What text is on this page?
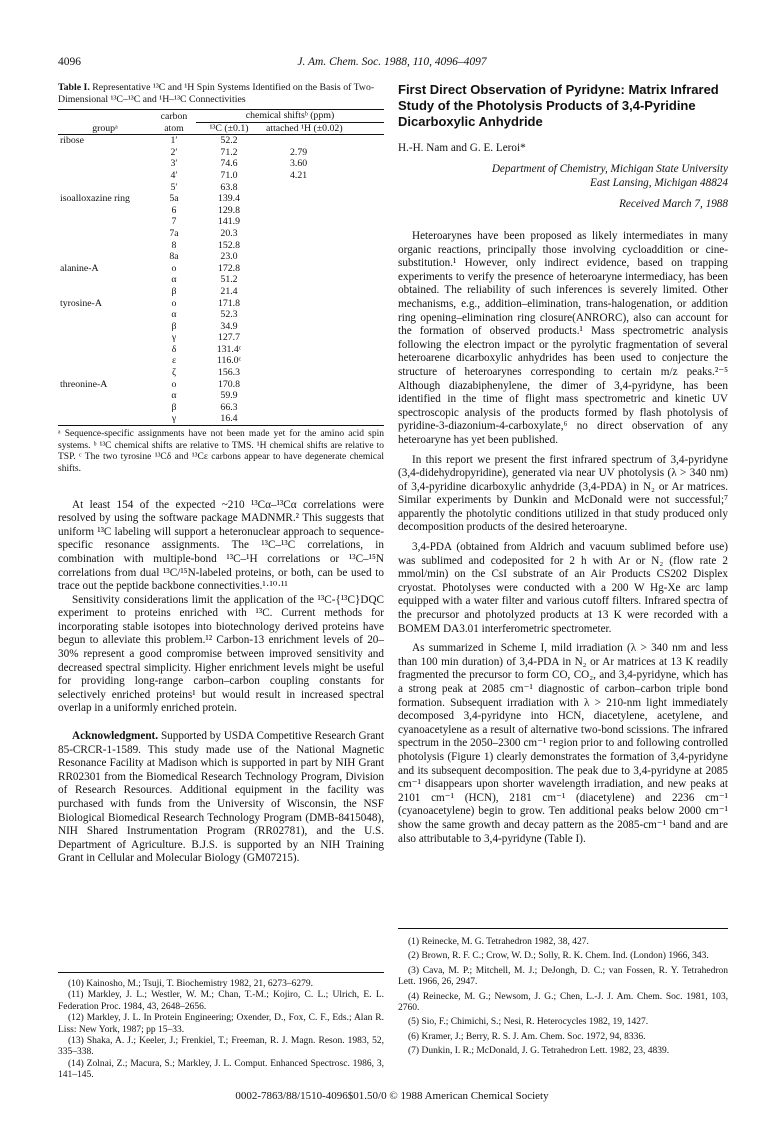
4096	J. Am. Chem. Soc. 1988, 110, 4096–4097

Table I. Representative ¹³C and ¹H Spin Systems Identified on the Basis of Two-Dimensional ¹³C–¹³C and ¹H–¹³C Connectivities

	carbon	chemical shiftsᵇ (ppm)	
groupᵃ	atom	¹³C (±0.1)	attached ¹H (±0.02)
ribose	1′	52.2	
	2′	71.2	2.79
	3′	74.6	3.60
	4′	71.0	4.21
	5′	63.8	
isoalloxazine ring	5a	139.4	
	6	129.8	
	7	141.9	
	7a	20.3	
	8	152.8	
	8a	23.0	
alanine-A	o	172.8	
	α	51.2	
	β	21.4	
tyrosine-A	o	171.8	
	α	52.3	
	β	34.9	
	γ	127.7	
	δ	131.4ᶜ	
	ε	116.0ᶜ	
	ζ	156.3	
threonine-A	o	170.8	
	α	59.9	
	β	66.3	
	γ	16.4	

ᵃ Sequence-specific assignments have not been made yet for the amino acid spin systems. ᵇ ¹³C chemical shifts are relative to TMS. ¹H chemical shifts are relative to TSP. ᶜ The two tyrosine ¹³Cδ and ¹³Cε carbons appear to have degenerate chemical shifts.

At least 154 of the expected ~210 ¹³Cα–¹³Cα correlations were resolved by using the software package MADNMR.² This suggests that uniform ¹³C labeling will support a heteronuclear approach to sequence-specific resonance assignments. The ¹³C–¹³C correlations, in combination with multiple-bond ¹³C–¹H correlations or ¹³C–¹⁵N correlations from dual ¹³C/¹⁵N-labeled proteins, or both, can be used to trace out the peptide backbone connectivities.¹·¹⁰·¹¹

Sensitivity considerations limit the application of the ¹³C-{¹³C}DQC experiment to proteins enriched with ¹³C. Current methods for incorporating stable isotopes into biotechnology derived proteins have begun to alleviate this problem.¹² Carbon-13 enrichment levels of 20–30% represent a good compromise between improved sensitivity and decreased spectral simplicity. Higher enrichment levels might be useful for providing long-range carbon–carbon coupling constants for selectively enriched proteins¹ but would result in increased spectral overlap in a uniformly enriched protein.

Acknowledgment. Supported by USDA Competitive Research Grant 85-CRCR-1-1589. This study made use of the National Magnetic Resonance Facility at Madison which is supported in part by NIH Grant RR02301 from the Biomedical Research Technology Program, Division of Research Resources. Additional equipment in the facility was purchased with funds from the University of Wisconsin, the NSF Biological Biomedical Research Technology Program (DMB-8415048), NIH Shared Instrumentation Program (RR02781), and the U.S. Department of Agriculture. B.J.S. is supported by an NIH Training Grant in Cellular and Molecular Biology (GM07215).

(10) Kainosho, M.; Tsuji, T. Biochemistry 1982, 21, 6273–6279.

(11) Markley, J. L.; Westler, W. M.; Chan, T.-M.; Kojiro, C. L.; Ulrich, E. L. Federation Proc. 1984, 43, 2648–2656.

(12) Markley, J. L. In Protein Engineering; Oxender, D., Fox, C. F., Eds.; Alan R. Liss: New York, 1987; pp 15–33.

(13) Shaka, A. J.; Keeler, J.; Frenkiel, T.; Freeman, R. J. Magn. Reson. 1983, 52, 335–338.

(14) Zolnai, Z.; Macura, S.; Markley, J. L. Comput. Enhanced Spectrosc. 1986, 3, 141–145.

First Direct Observation of Pyridyne: Matrix Infrared Study of the Photolysis Products of 3,4-Pyridine Dicarboxylic Anhydride

H.-H. Nam and G. E. Leroi*
Department of Chemistry, Michigan State University
East Lansing, Michigan 48824
Received March 7, 1988

Heteroarynes have been proposed as likely intermediates in many organic reactions, principally those involving cycloaddition or cine-substitution.¹ However, only indirect evidence, based on trapping experiments to verify the presence of heteroaryne intermediacy, has been obtained. The reliability of such inferences is severely limited. Other mechanisms, e.g., addition–elimination, trans-halogenation, or addition ring opening–elimination ring closure(ANRORC), also can account for the formation of observed products.¹ Mass spectrometric analysis following the electron impact or the pyrolytic fragmentation of several heteroarene dicarboxylic anhydrides has been used to conjecture the structure of heteroarynes corresponding to certain m/z peaks.²⁻⁵ Although diazabiphenylene, the dimer of 3,4-pyridyne, has been identified in the time of flight mass spectrometric and kinetic UV spectroscopic analysis of the products formed by flash photolysis of pyridine-3-diazonium-4-carboxylate,⁶ no direct observation of any heteroaryne has yet been published.

In this report we present the first infrared spectrum of 3,4-pyridyne (3,4-didehydropyridine), generated via near UV photolysis (λ > 340 nm) of 3,4-pyridine dicarboxylic anhydride (3,4-PDA) in N₂ or Ar matrices. Similar experiments by Dunkin and McDonald were not successful;⁷ apparently the photolytic conditions utilized in that study produced only decomposition products of the desired heteroaryne.

3,4-PDA (obtained from Aldrich and vacuum sublimed before use) was sublimed and codeposited for 2 h with Ar or N₂ (flow rate 2 mmol/min) on the CsI substrate of an Air Products CS202 Displex cryostat. Photolyses were conducted with a 200 W Hg-Xe arc lamp equipped with a water filter and various cutoff filters. Infrared spectra of the precursor and photolyzed products at 13 K were recorded with a BOMEM DA3.01 interferometric spectrometer.

As summarized in Scheme I, mild irradiation (λ > 340 nm and less than 100 min duration) of 3,4-PDA in N₂ or Ar matrices at 13 K readily fragmented the precursor to form CO, CO₂, and 3,4-pyridyne, which has a strong peak at 2085 cm⁻¹ diagnostic of carbon–carbon triple bond formation. Subsequent irradiation with λ > 210-nm light immediately decomposed 3,4-pyridyne into HCN, diacetylene, acetylene, and cyanoacetylene as a result of alternative two-bond scissions. The infrared spectrum in the 2050–2300 cm⁻¹ region prior to and following controlled photolysis (Figure 1) clearly demonstrates the formation of 3,4-pyridyne and its subsequent decomposition. The peak due to 3,4-pyridyne at 2085 cm⁻¹ disappears upon shorter wavelength irradiation, and new peaks at 2101 cm⁻¹ (HCN), 2181 cm⁻¹ (diacetylene) and 2236 cm⁻¹ (cyanoacetylene) begin to grow. Ten additional peaks below 2000 cm⁻¹ show the same growth and decay pattern as the 2085-cm⁻¹ band and are also attributable to 3,4-pyridyne (Table I).

(1) Reinecke, M. G. Tetrahedron 1982, 38, 427.

(2) Brown, R. F. C.; Crow, W. D.; Solly, R. K. Chem. Ind. (London) 1966, 343.

(3) Cava, M. P.; Mitchell, M. J.; DeJongh, D. C.; van Fossen, R. Y. Tetrahedron Lett. 1966, 26, 2947.

(4) Reinecke, M. G.; Newsom, J. G.; Chen, L.-J. J. Am. Chem. Soc. 1981, 103, 2760.

(5) Sio, F.; Chimichi, S.; Nesi, R. Heterocycles 1982, 19, 1427.

(6) Kramer, J.; Berry, R. S. J. Am. Chem. Soc. 1972, 94, 8336.

(7) Dunkin, I. R.; McDonald, J. G. Tetrahedron Lett. 1982, 23, 4839.

0002-7863/88/1510-4096$01.50/0 © 1988 American Chemical Society
